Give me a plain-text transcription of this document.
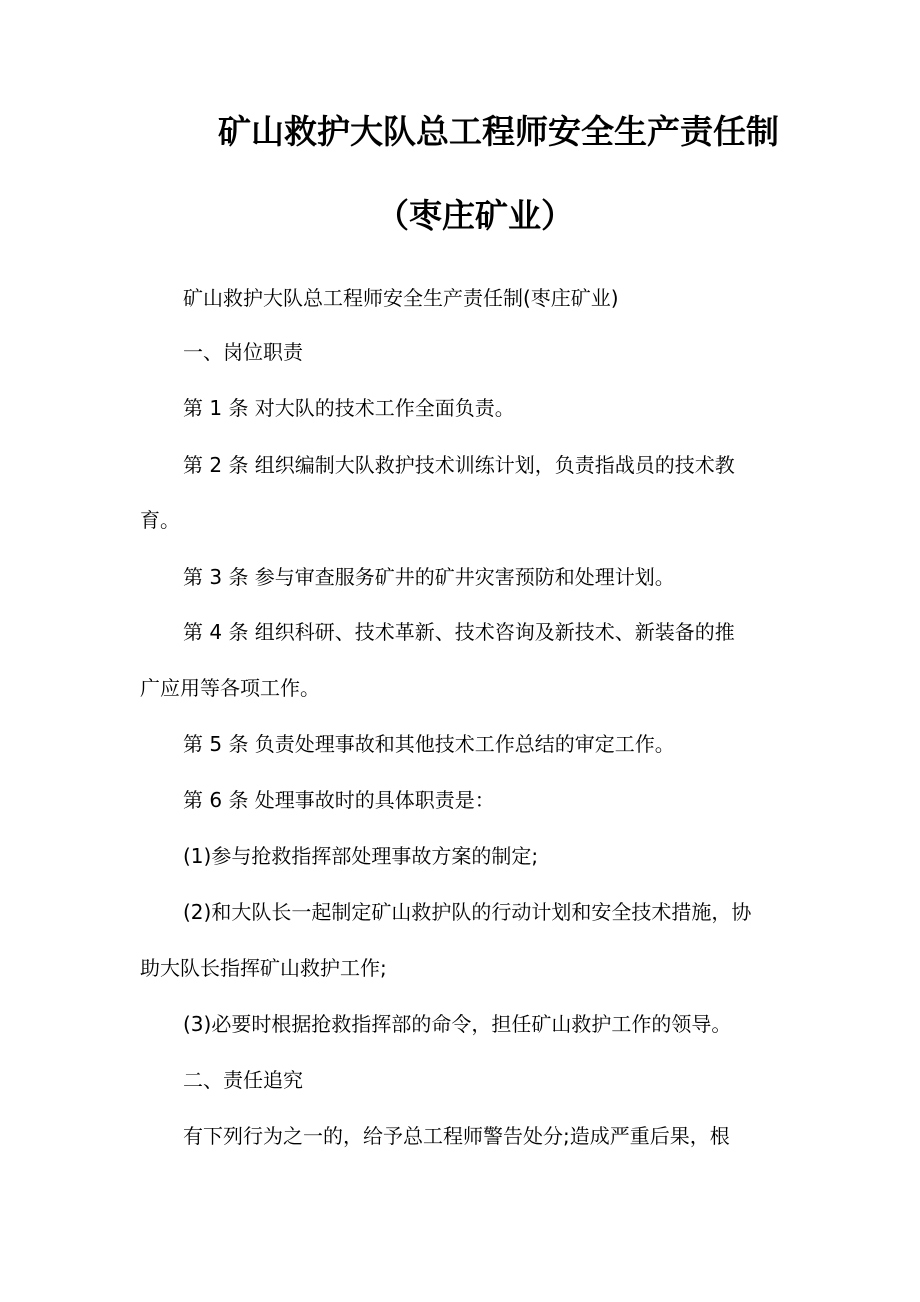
矿山救护大队总工程师安全生产责任制
（枣庄矿业）

矿山救护大队总工程师安全生产责任制(枣庄矿业)

一、岗位职责

第 1 条 对大队的技术工作全面负责。

第 2 条 组织编制大队救护技术训练计划，负责指战员的技术教

育。

第 3 条 参与审查服务矿井的矿井灾害预防和处理计划。

第 4 条 组织科研、技术革新、技术咨询及新技术、新装备的推

广应用等各项工作。

第 5 条 负责处理事故和其他技术工作总结的审定工作。

第 6 条 处理事故时的具体职责是：

(1)参与抢救指挥部处理事故方案的制定;

(2)和大队长一起制定矿山救护队的行动计划和安全技术措施，协

助大队长指挥矿山救护工作;

(3)必要时根据抢救指挥部的命令，担任矿山救护工作的领导。

二、责任追究

有下列行为之一的，给予总工程师警告处分;造成严重后果，根
